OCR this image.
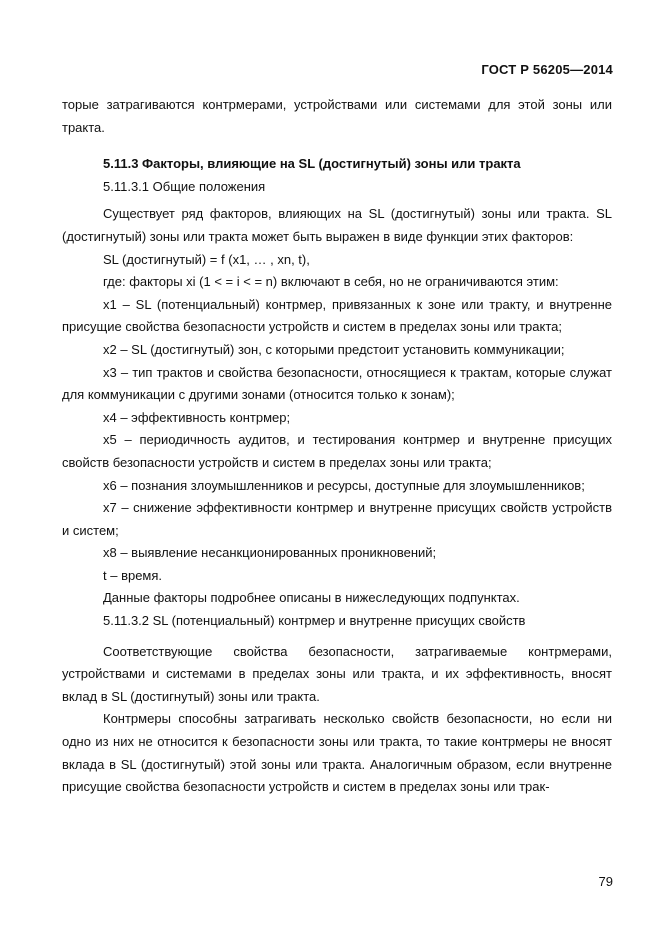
ГОСТ Р 56205—2014

торые затрагиваются контрмерами, устройствами или системами для этой зоны или тракта.

5.11.3 Факторы, влияющие на SL (достигнутый) зоны или тракта

5.11.3.1 Общие положения

Существует ряд факторов, влияющих на SL (достигнутый) зоны или тракта. SL (достигнутый) зоны или тракта может быть выражен в виде функции этих факторов:

SL (достигнутый) = f (x1, … , xn, t),

где: факторы xi (1 < = i < = n) включают в себя, но не ограничиваются этим:

x1 – SL (потенциальный) контрмер, привязанных к зоне или тракту, и внутренне присущие свойства безопасности устройств и систем в пределах зоны или тракта;

x2 – SL (достигнутый) зон, с которыми предстоит установить коммуникации;

x3 – тип трактов и свойства безопасности, относящиеся к трактам, которые служат для коммуникации с другими зонами (относится только к зонам);

x4 – эффективность контрмер;

x5 – периодичность аудитов, и тестирования контрмер и внутренне присущих свойств безопасности устройств и систем в пределах зоны или тракта;

x6 – познания злоумышленников и ресурсы, доступные для злоумышленников;

x7 – снижение эффективности контрмер и внутренне присущих свойств устройств и систем;

x8 – выявление несанкционированных проникновений;

t – время.

Данные факторы подробнее описаны в нижеследующих подпунктах.

5.11.3.2 SL (потенциальный) контрмер и внутренне присущих свойств

Соответствующие свойства безопасности, затрагиваемые контрмерами, устройствами и системами в пределах зоны или тракта, и их эффективность, вносят вклад в SL (достигнутый) зоны или тракта.

Контрмеры способны затрагивать несколько свойств безопасности, но если ни одно из них не относится к безопасности зоны или тракта, то такие контрмеры не вносят вклада в SL (достигнутый) этой зоны или тракта. Аналогичным образом, если внутренне присущие свойства безопасности устройств и систем в пределах зоны или трак-

79
